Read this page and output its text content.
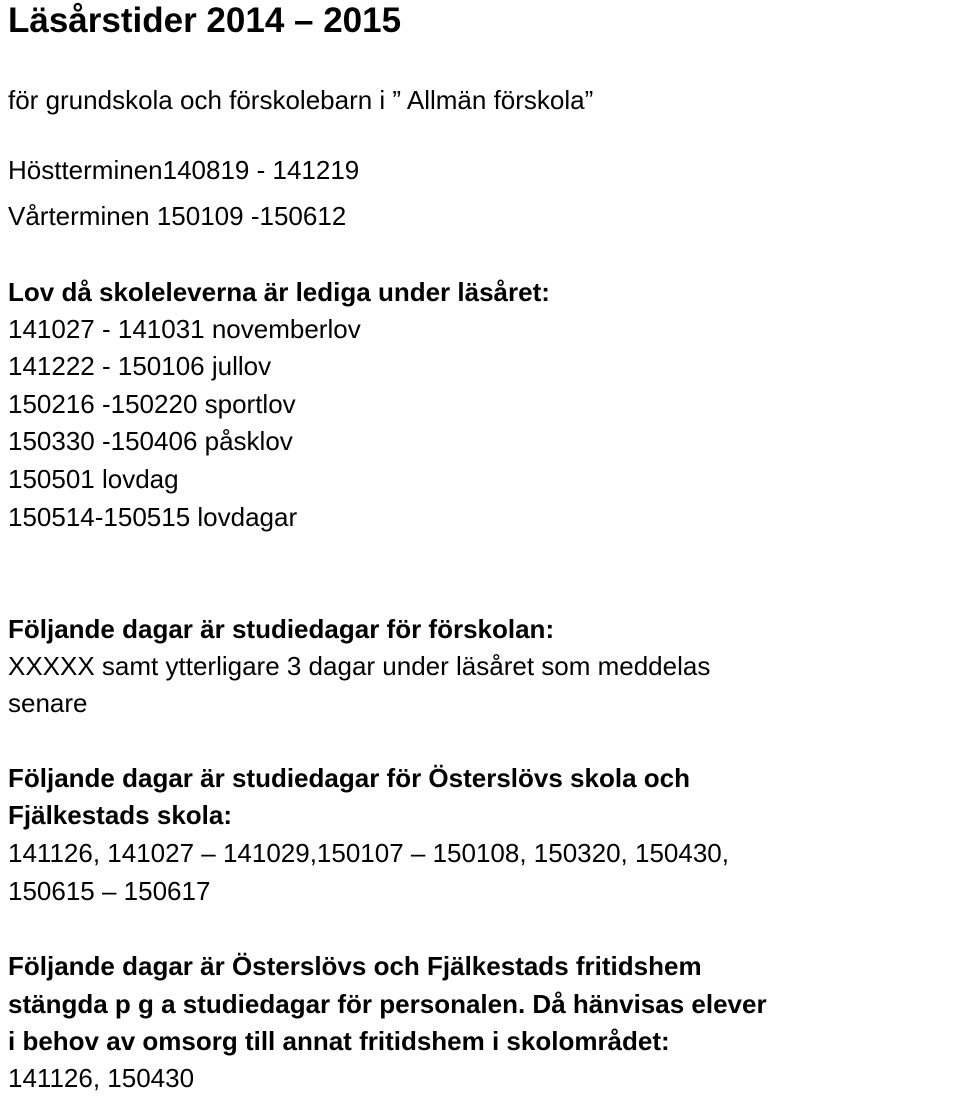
Läsårstider 2014 – 2015

för grundskola och förskolebarn i ” Allmän förskola”

Höstterminen140819 - 141219

Vårterminen 150109 -150612

Lov då skoleleverna är lediga under läsåret:

141027 - 141031 novemberlov

141222 - 150106 jullov

150216 -150220 sportlov

150330 -150406 påsklov

150501 lovdag

150514-150515 lovdagar

Följande dagar är studiedagar för förskolan:

XXXXX samt ytterligare 3 dagar under läsåret som meddelas

senare

Följande dagar är studiedagar för Österslövs skola och

Fjälkestads skola:

141126, 141027 – 141029,150107 – 150108, 150320, 150430,

150615 – 150617

Följande dagar är Österslövs och Fjälkestads fritidshem

stängda p g a studiedagar för personalen. Då hänvisas elever

i behov av omsorg till annat fritidshem i skolområdet:

141126, 150430
